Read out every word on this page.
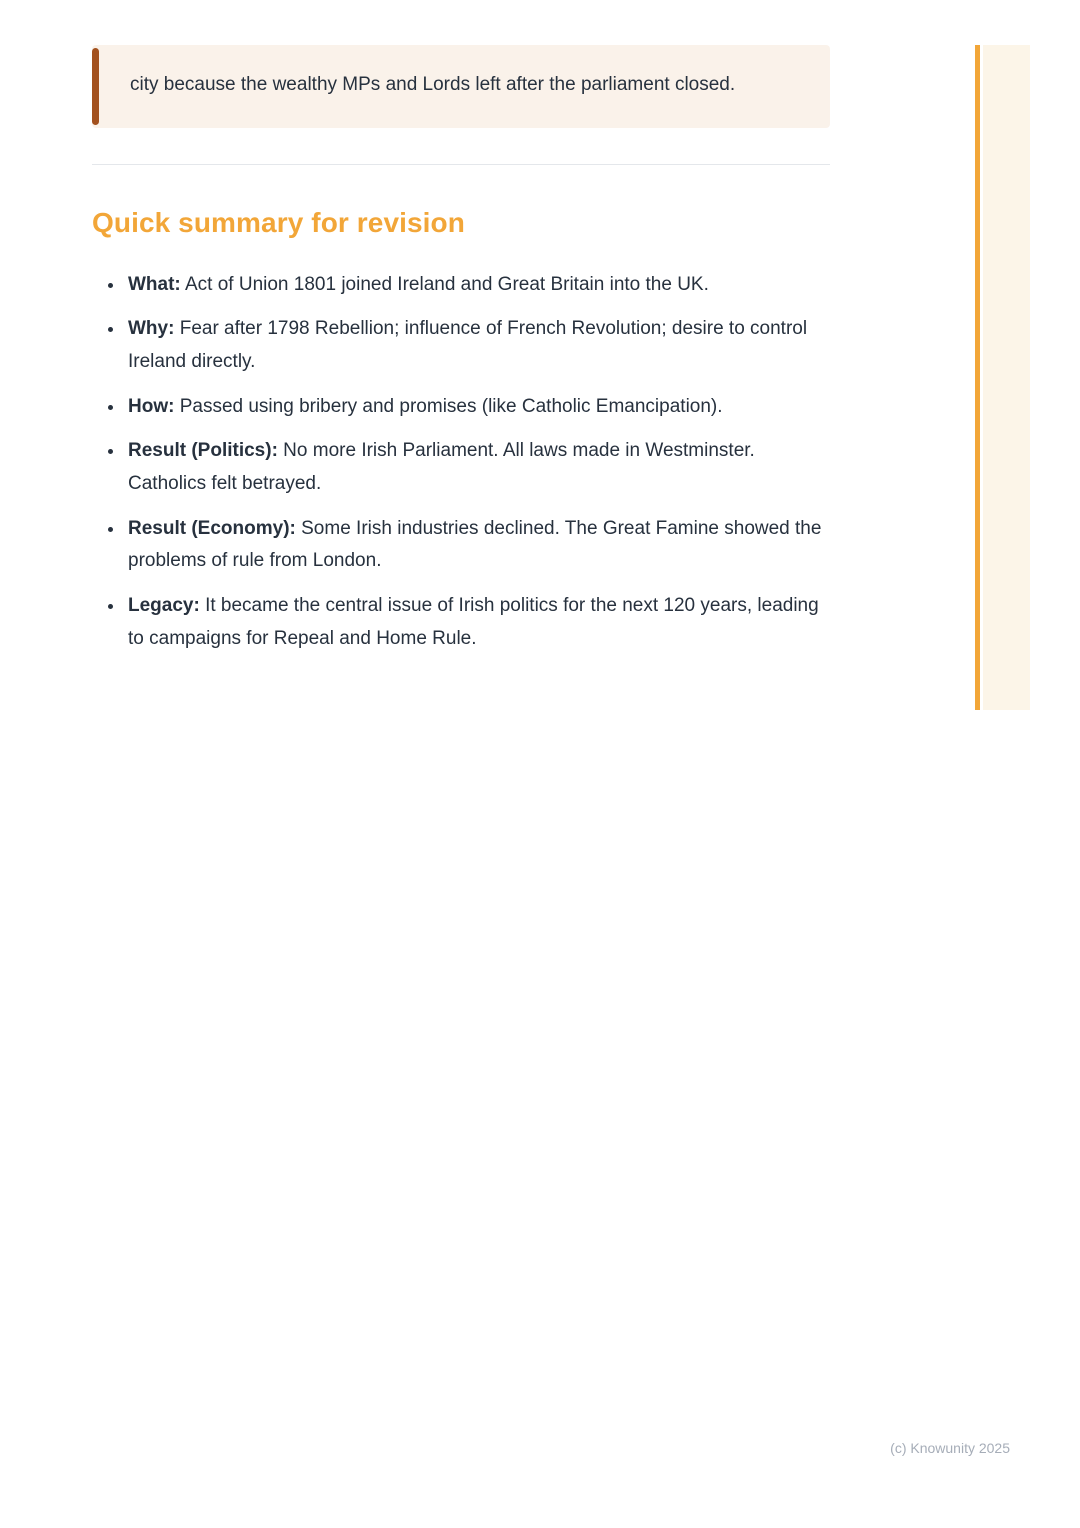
city because the wealthy MPs and Lords left after the parliament closed.

Quick summary for revision
• What: Act of Union 1801 joined Ireland and Great Britain into the UK.
• Why: Fear after 1798 Rebellion; influence of French Revolution; desire to control Ireland directly.
• How: Passed using bribery and promises (like Catholic Emancipation).
• Result (Politics): No more Irish Parliament. All laws made in Westminster. Catholics felt betrayed.
• Result (Economy): Some Irish industries declined. The Great Famine showed the problems of rule from London.
• Legacy: It became the central issue of Irish politics for the next 120 years, leading to campaigns for Repeal and Home Rule.
(c) Knowunity 2025
